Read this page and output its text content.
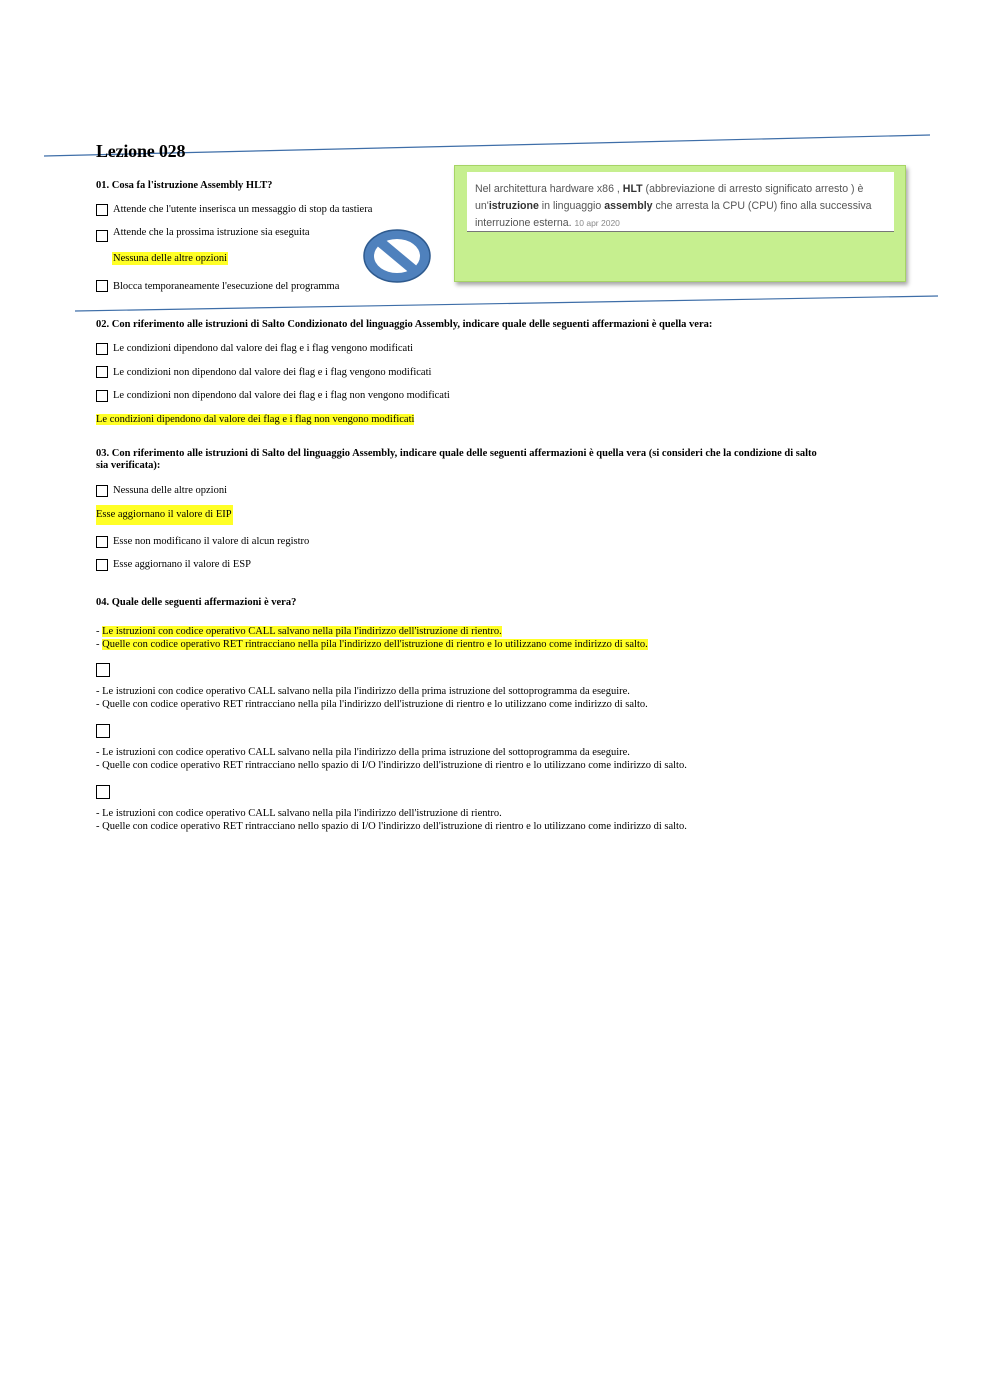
Lezione 028
01. Cosa fa l'istruzione Assembly HLT?
Attende che l'utente inserisca un messaggio di stop da tastiera
Attende che la prossima istruzione sia eseguita
Nessuna delle altre opzioni
Blocca temporaneamente l'esecuzione del programma
Nel architettura hardware x86 , HLT (abbreviazione di arresto significato arresto ) è un'istruzione in linguaggio assembly che arresta la CPU (CPU) fino alla successiva interruzione esterna. 10 apr 2020
02. Con riferimento alle istruzioni di Salto Condizionato del linguaggio Assembly, indicare quale delle seguenti affermazioni è quella vera:
Le condizioni dipendono dal valore dei flag e i flag vengono modificati
Le condizioni non dipendono dal valore dei flag e i flag vengono modificati
Le condizioni non dipendono dal valore dei flag e i flag non vengono modificati
Le condizioni dipendono dal valore dei flag e i flag non vengono modificati
03. Con riferimento alle istruzioni di Salto del linguaggio Assembly, indicare quale delle seguenti affermazioni è quella vera (si consideri che la condizione di salto
sia verificata):
Nessuna delle altre opzioni
Esse aggiornano il valore di EIP
Esse non modificano il valore di alcun registro
Esse aggiornano il valore di ESP
04. Quale delle seguenti affermazioni è vera?
- Le istruzioni con codice operativo CALL salvano nella pila l'indirizzo dell'istruzione di rientro.
- Quelle con codice operativo RET rintracciano nella pila l'indirizzo dell'istruzione di rientro e lo utilizzano come indirizzo di salto.
- Le istruzioni con codice operativo CALL salvano nella pila l'indirizzo della prima istruzione del sottoprogramma da eseguire.
- Quelle con codice operativo RET rintracciano nella pila l'indirizzo dell'istruzione di rientro e lo utilizzano come indirizzo di salto.
- Le istruzioni con codice operativo CALL salvano nella pila l'indirizzo della prima istruzione del sottoprogramma da eseguire.
- Quelle con codice operativo RET rintracciano nello spazio di I/O l'indirizzo dell'istruzione di rientro e lo utilizzano come indirizzo di salto.
- Le istruzioni con codice operativo CALL salvano nella pila l'indirizzo dell'istruzione di rientro.
- Quelle con codice operativo RET rintracciano nello spazio di I/O l'indirizzo dell'istruzione di rientro e lo utilizzano come indirizzo di salto.
